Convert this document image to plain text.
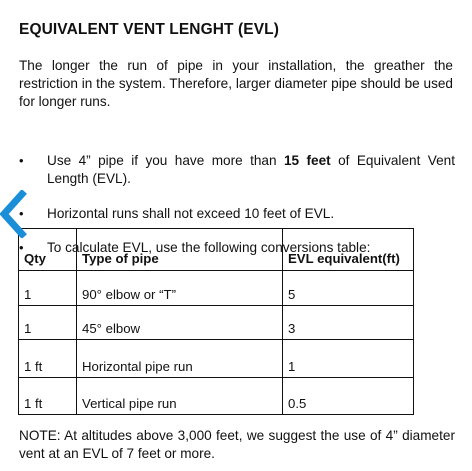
EQUIVALENT VENT LENGHT (EVL)
The longer the run of pipe in your installation, the greather the restriction in the system. Therefore, larger diameter pipe should be used for longer runs.
• Use 4” pipe if you have more than 15 feet of Equivalent Vent Length (EVL).
• Horizontal runs shall not exceed 10 feet of EVL.
Qty	Type of pipe	EVL equivalent(ft)
1	90° elbow or “T”	5
1	45° elbow	3
1 ft	Horizontal pipe run	1
1 ft	Vertical pipe run	0.5
• To calculate EVL, use the following conversions table:
NOTE: At altitudes above 3,000 feet, we suggest the use of 4” diameter vent at an EVL of 7 feet or more.
